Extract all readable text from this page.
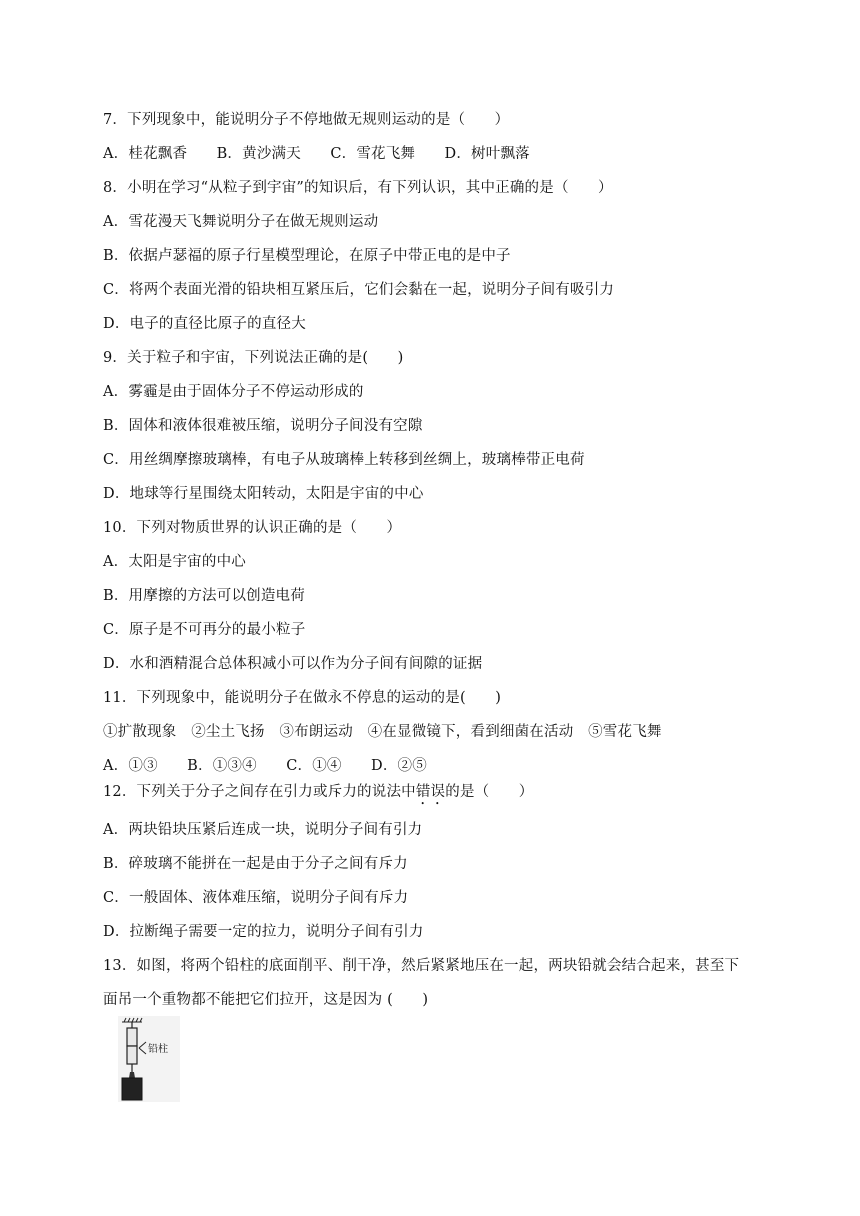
7．下列现象中，能说明分子不停地做无规则运动的是（　　）
A．桂花飘香　　B．黄沙满天　　C．雪花飞舞　　D．树叶飘落
8．小明在学习“从粒子到宇宙”的知识后，有下列认识，其中正确的是（　　）
A．雪花漫天飞舞说明分子在做无规则运动
B．依据卢瑟福的原子行星模型理论，在原子中带正电的是中子
C．将两个表面光滑的铅块相互紧压后，它们会黏在一起，说明分子间有吸引力
D．电子的直径比原子的直径大
9．关于粒子和宇宙，下列说法正确的是(　　)
A．雾霾是由于固体分子不停运动形成的
B．固体和液体很难被压缩，说明分子间没有空隙
C．用丝绸摩擦玻璃棒，有电子从玻璃棒上转移到丝绸上，玻璃棒带正电荷
D．地球等行星围绕太阳转动，太阳是宇宙的中心
10．下列对物质世界的认识正确的是（　　）
A．太阳是宇宙的中心
B．用摩擦的方法可以创造电荷
C．原子是不可再分的最小粒子
D．水和酒精混合总体积减小可以作为分子间有间隙的证据
11．下列现象中，能说明分子在做永不停息的运动的是(　　)
①扩散现象　②尘土飞扬　③布朗运动　④在显微镜下，看到细菌在活动　⑤雪花飞舞
A．①③　　B．①③④　　C．①④　　D．②⑤
12．下列关于分子之间存在引力或斥力的说法中错误的是（　　）
A．两块铅块压紧后连成一块，说明分子间有引力
B．碎玻璃不能拼在一起是由于分子之间有斥力
C．一般固体、液体难压缩，说明分子间有斥力
D．拉断绳子需要一定的拉力，说明分子间有引力
13．如图，将两个铅柱的底面削平、削干净，然后紧紧地压在一起，两块铅就会结合起来，甚至下
面吊一个重物都不能把它们拉开，这是因为 (　　)
铅柱
